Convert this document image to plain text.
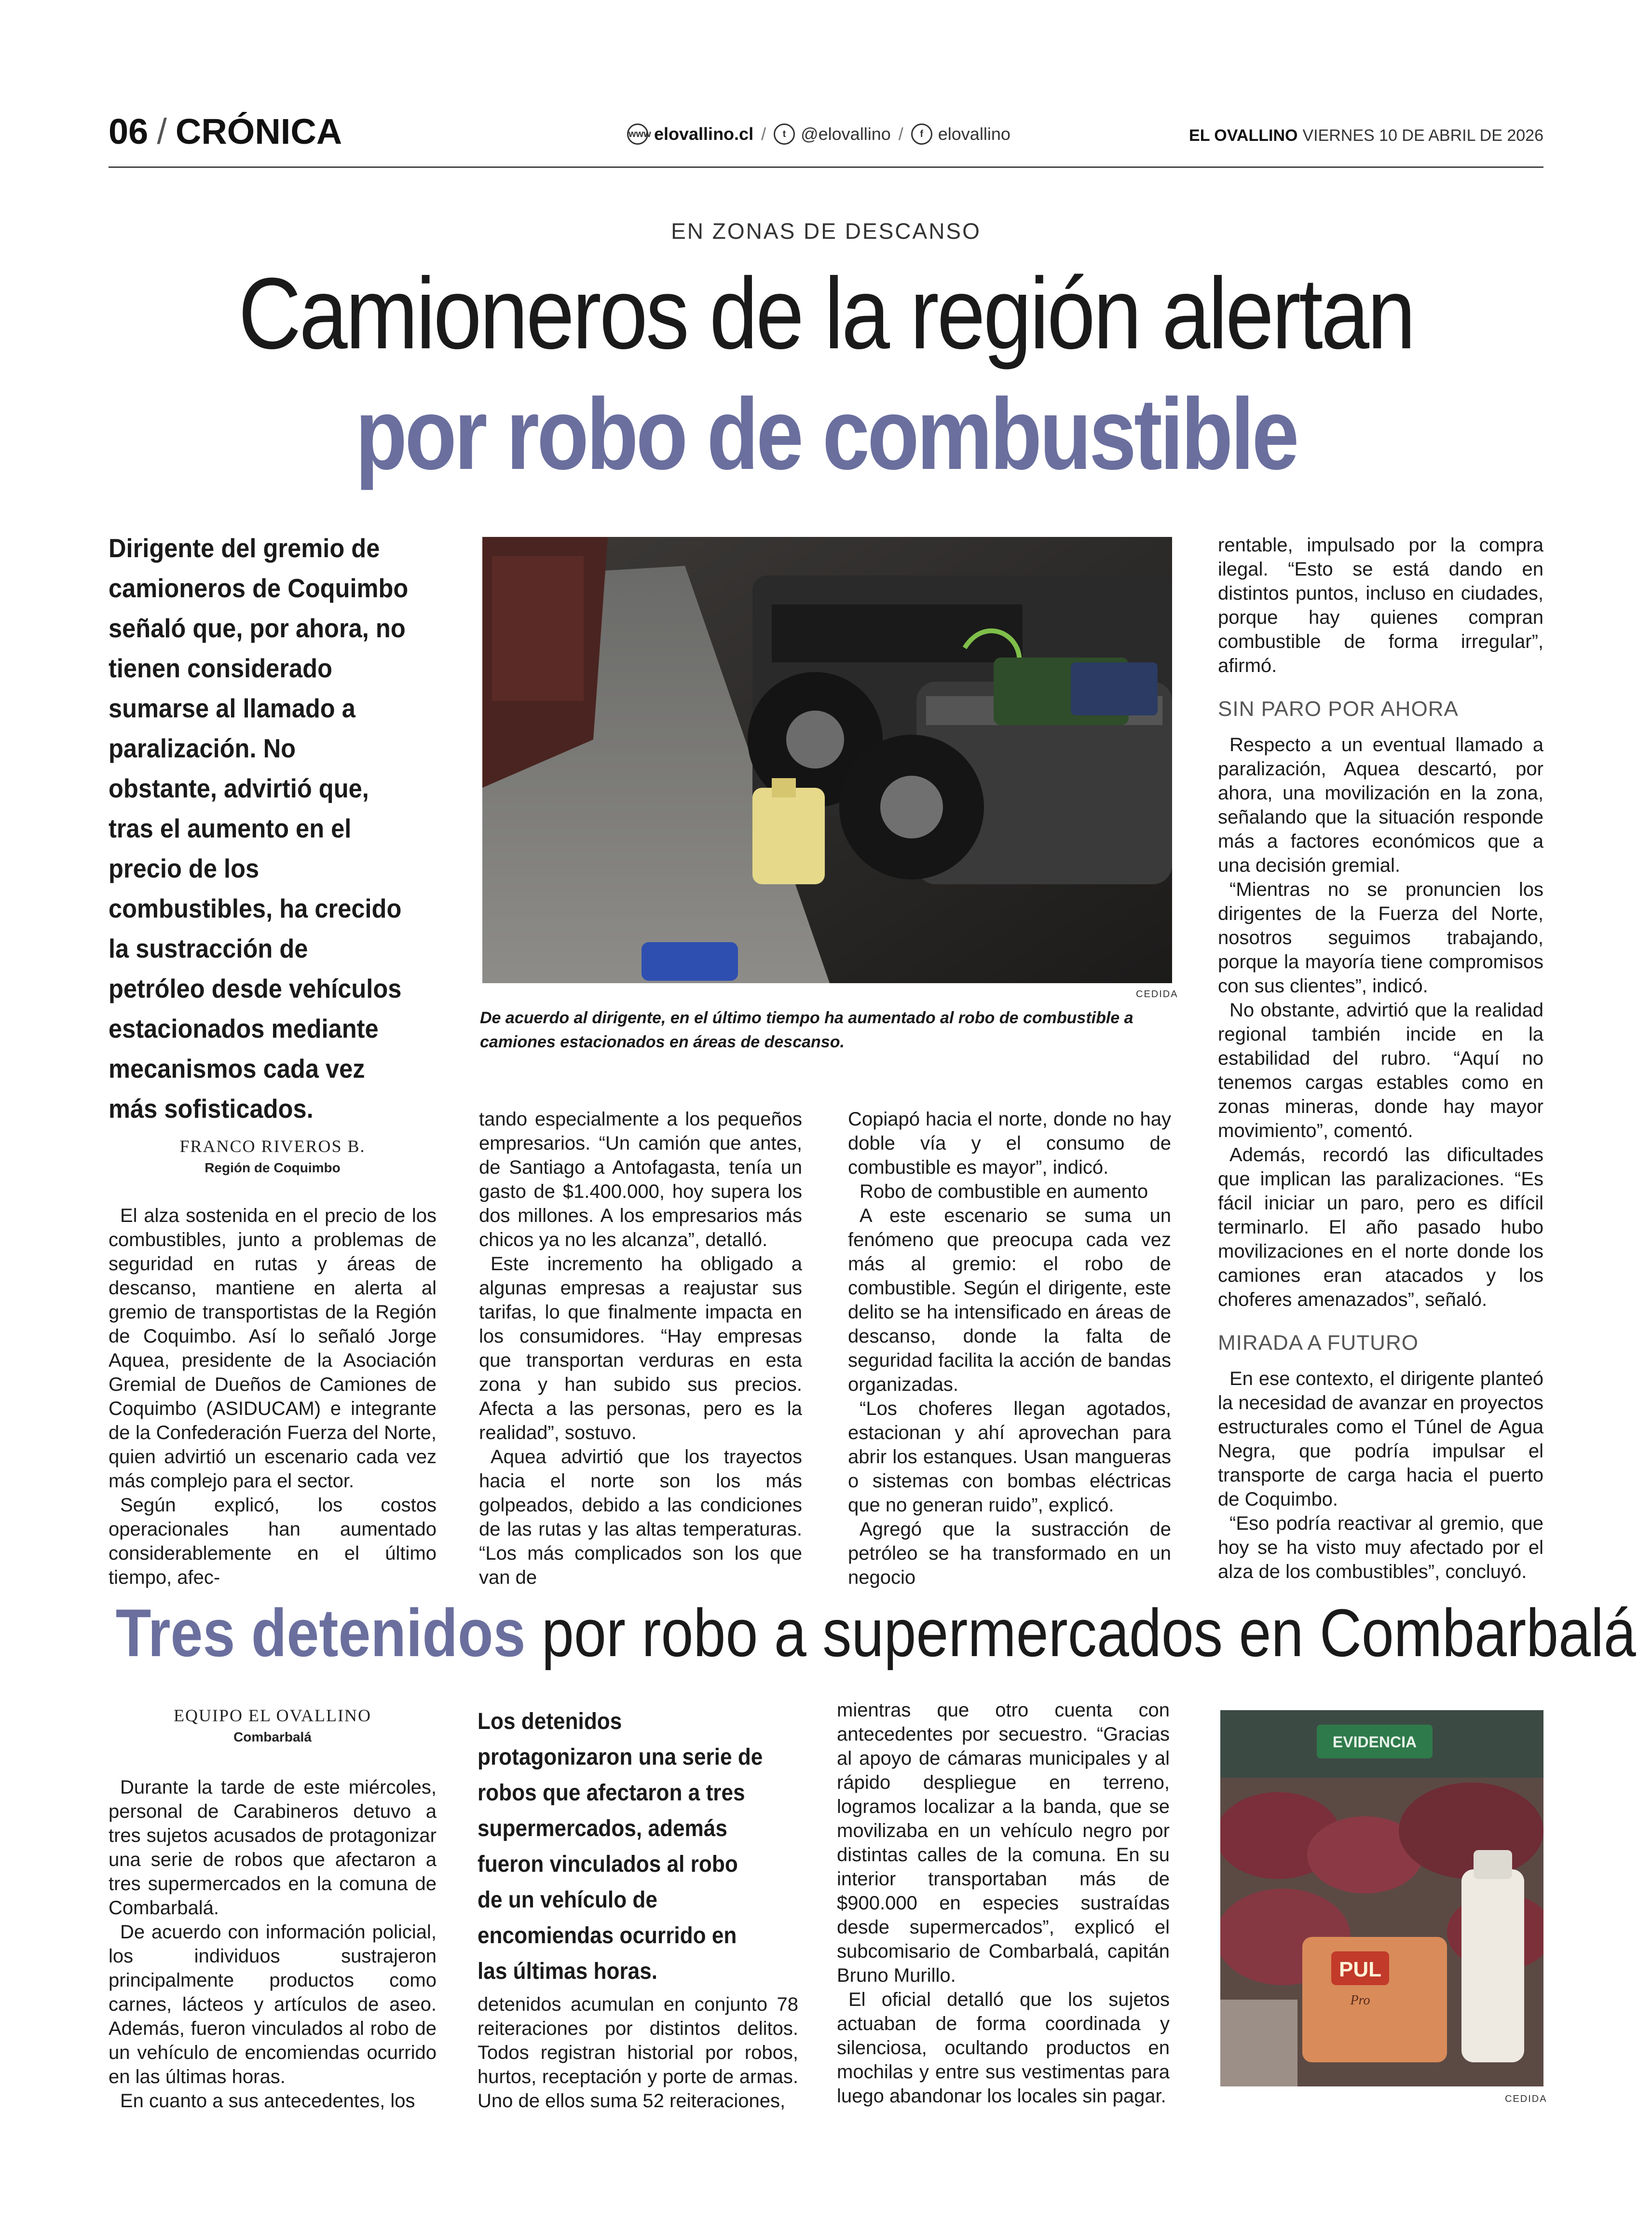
06 / CRÓNICA	www elovallino.cl /	t @elovallino /	f elovallino	EL OVALLINO VIERNES 10 DE ABRIL DE 2026
EN ZONAS DE DESCANSO
Camioneros de la región alertan
por robo de combustible
Dirigente del gremio de camioneros de Coquimbo señaló que, por ahora, no tienen considerado sumarse al llamado a paralización. No obstante, advirtió que, tras el aumento en el precio de los combustibles, ha crecido la sustracción de petróleo desde vehículos estacionados mediante mecanismos cada vez más sofisticados.
CEDIDA
De acuerdo al dirigente, en el último tiempo ha aumentado al robo de combustible a camiones estacionados en áreas de descanso.
FRANCO RIVEROS B.
Región de Coquimbo

El alza sostenida en el precio de los combustibles, junto a problemas de seguridad en rutas y áreas de descanso, mantiene en alerta al gremio de transportistas de la Región de Coquimbo. Así lo señaló Jorge Aquea, presidente de la Asociación Gremial de Dueños de Camiones de Coquimbo (ASIDUCAM) e integrante de la Confederación Fuerza del Norte, quien advirtió un escenario cada vez más complejo para el sector.

Según explicó, los costos operacionales han aumentado considerablemente en el último tiempo, afec-

tando especialmente a los pequeños empresarios. “Un camión que antes, de Santiago a Antofagasta, tenía un gasto de $1.400.000, hoy supera los dos millones. A los empresarios más chicos ya no les alcanza”, detalló.

Este incremento ha obligado a algunas empresas a reajustar sus tarifas, lo que finalmente impacta en los consumidores. “Hay empresas que transportan verduras en esta zona y han subido sus precios. Afecta a las personas, pero es la realidad”, sostuvo.

Aquea advirtió que los trayectos hacia el norte son los más golpeados, debido a las condiciones de las rutas y las altas temperaturas. “Los más complicados son los que van de

Copiapó hacia el norte, donde no hay doble vía y el consumo de combustible es mayor”, indicó.

Robo de combustible en aumento

A este escenario se suma un fenómeno que preocupa cada vez más al gremio: el robo de combustible. Según el dirigente, este delito se ha intensificado en áreas de descanso, donde la falta de seguridad facilita la acción de bandas organizadas.

“Los choferes llegan agotados, estacionan y ahí aprovechan para abrir los estanques. Usan mangueras o sistemas con bombas eléctricas que no generan ruido”, explicó.

Agregó que la sustracción de petróleo se ha transformado en un negocio

rentable, impulsado por la compra ilegal. “Esto se está dando en distintos puntos, incluso en ciudades, porque hay quienes compran combustible de forma irregular”, afirmó.

SIN PARO POR AHORA

Respecto a un eventual llamado a paralización, Aquea descartó, por ahora, una movilización en la zona, señalando que la situación responde más a factores económicos que a una decisión gremial.

“Mientras no se pronuncien los dirigentes de la Fuerza del Norte, nosotros seguimos trabajando, porque la mayoría tiene compromisos con sus clientes”, indicó.

No obstante, advirtió que la realidad regional también incide en la estabilidad del rubro. “Aquí no tenemos cargas estables como en zonas mineras, donde hay mayor movimiento”, comentó.

Además, recordó las dificultades que implican las paralizaciones. “Es fácil iniciar un paro, pero es difícil terminarlo. El año pasado hubo movilizaciones en el norte donde los camiones eran atacados y los choferes amenazados”, señaló.

MIRADA A FUTURO

En ese contexto, el dirigente planteó la necesidad de avanzar en proyectos estructurales como el Túnel de Agua Negra, que podría impulsar el transporte de carga hacia el puerto de Coquimbo.

“Eso podría reactivar al gremio, que hoy se ha visto muy afectado por el alza de los combustibles”, concluyó.

Tres detenidos por robo a supermercados en Combarbalá
EQUIPO EL OVALLINO
Combarbalá

Durante la tarde de este miércoles, personal de Carabineros detuvo a tres sujetos acusados de protagonizar una serie de robos que afectaron a tres supermercados en la comuna de Combarbalá.

De acuerdo con información policial, los individuos sustrajeron principalmente productos como carnes, lácteos y artículos de aseo. Además, fueron vinculados al robo de un vehículo de encomiendas ocurrido en las últimas horas.

En cuanto a sus antecedentes, los

Los detenidos protagonizaron una serie de robos que afectaron a tres supermercados, además fueron vinculados al robo de un vehículo de encomiendas ocurrido en las últimas horas.

detenidos acumulan en conjunto 78 reiteraciones por distintos delitos. Todos registran historial por robos, hurtos, receptación y porte de armas. Uno de ellos suma 52 reiteraciones,

mientras que otro cuenta con antecedentes por secuestro. “Gracias al apoyo de cámaras municipales y al rápido despliegue en terreno, logramos localizar a la banda, que se movilizaba en un vehículo negro por distintas calles de la comuna. En su interior transportaban más de $900.000 en especies sustraídas desde supermercados”, explicó el subcomisario de Combarbalá, capitán Bruno Murillo.

El oficial detalló que los sujetos actuaban de forma coordinada y silenciosa, ocultando productos en mochilas y entre sus vestimentas para luego abandonar los locales sin pagar.

EVIDENCIA
PUL
Pro
CEDIDA
